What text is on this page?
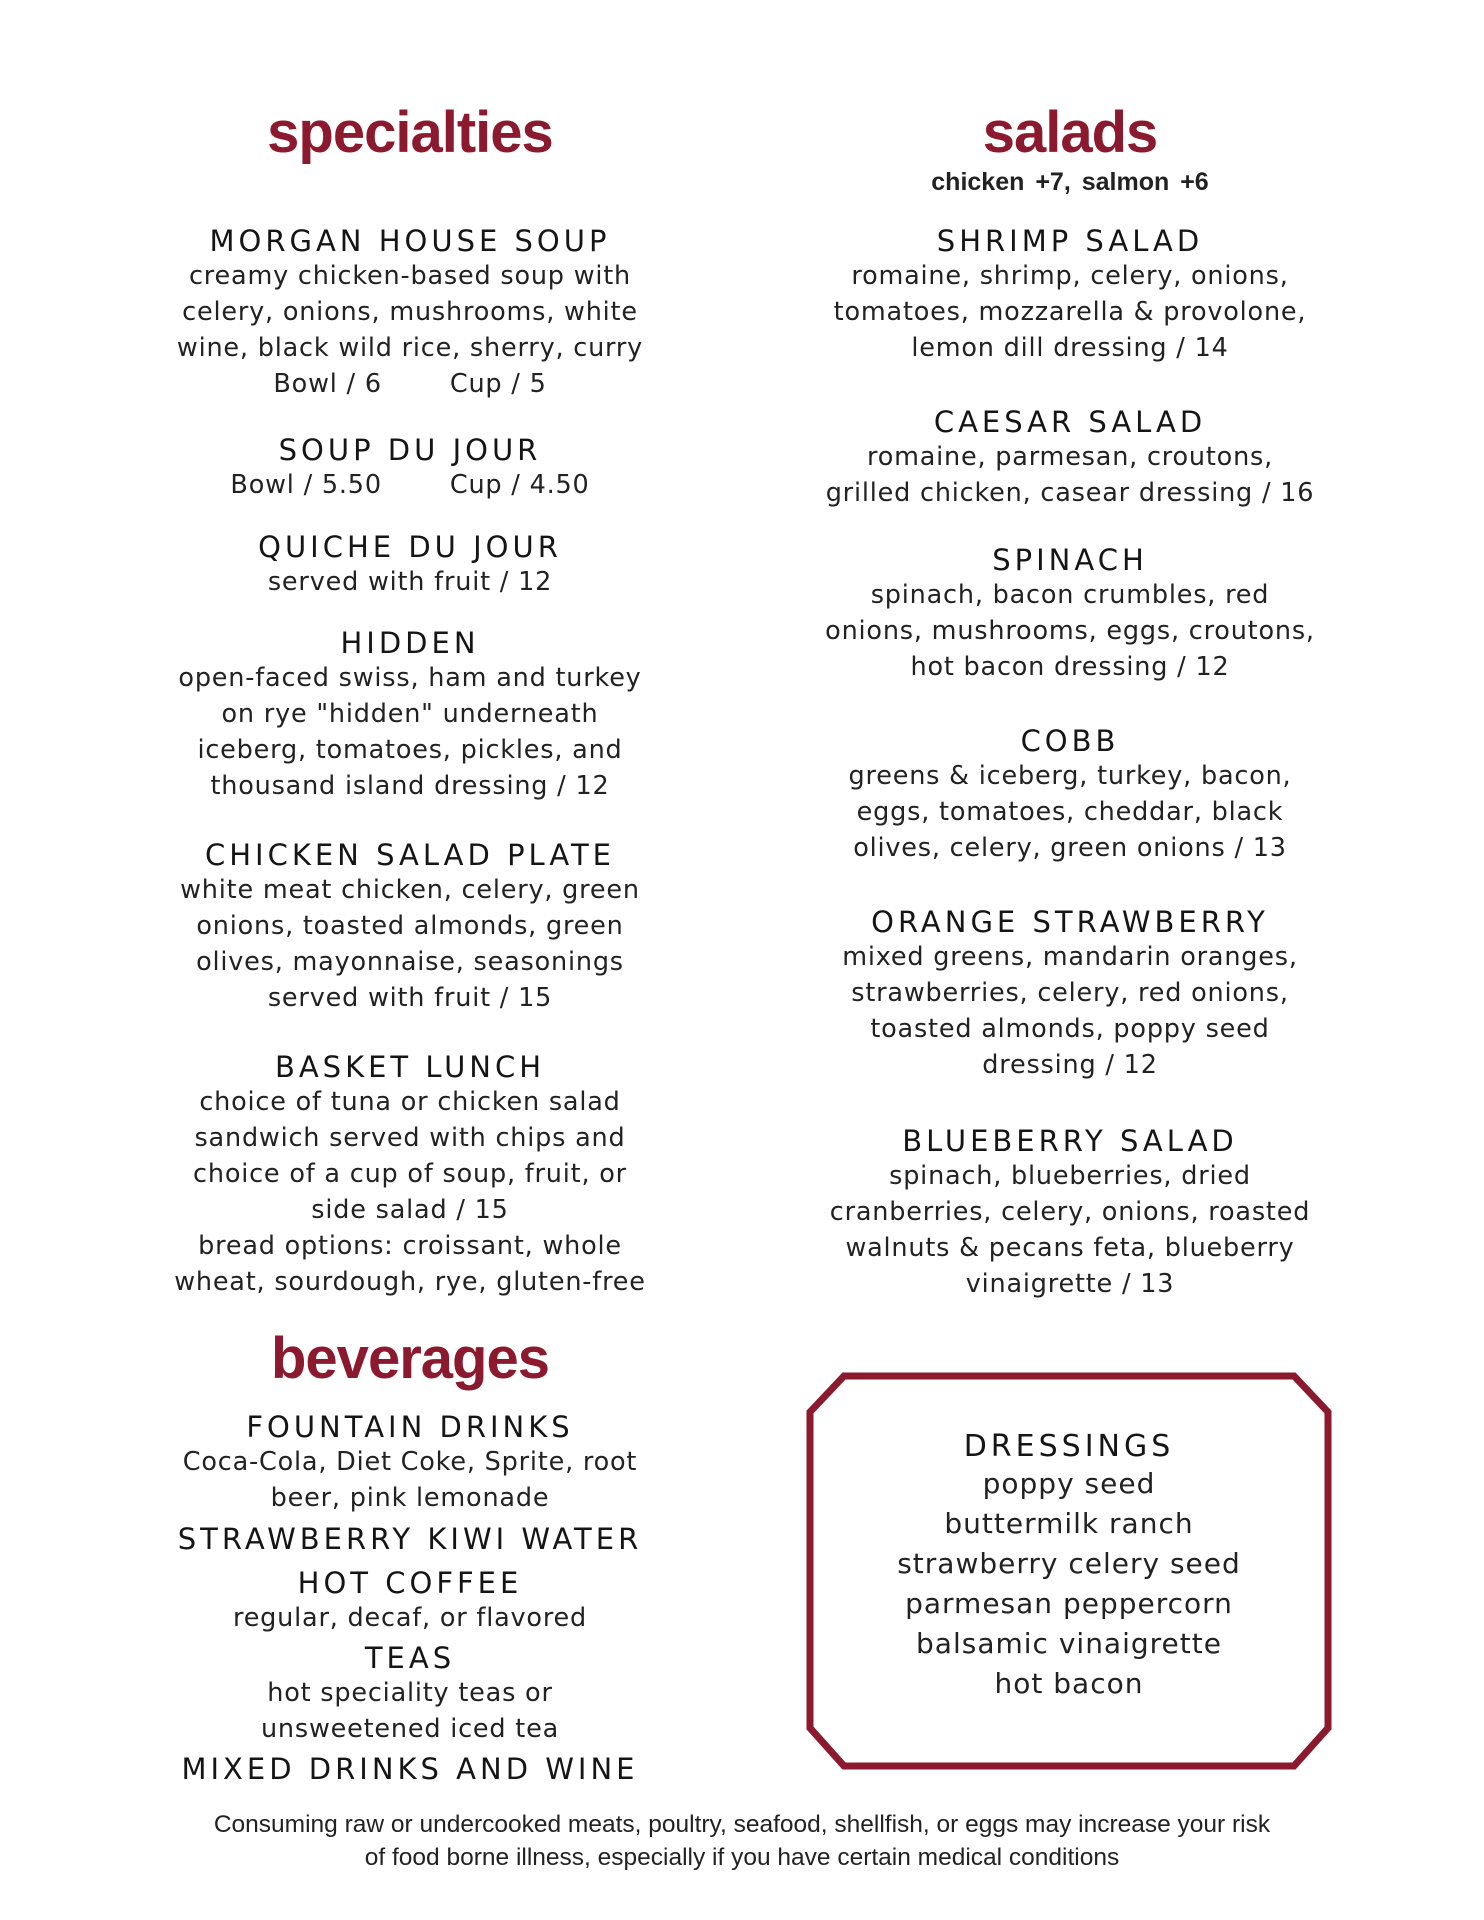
specialties
MORGAN HOUSE SOUP
creamy chicken-based soup with
celery, onions, mushrooms, white
wine, black wild rice, sherry, curry
Bowl / 6	Cup / 5
SOUP DU JOUR
Bowl / 5.50	Cup / 4.50
QUICHE DU JOUR
served with fruit / 12
HIDDEN
open-faced swiss, ham and turkey
on rye "hidden" underneath
iceberg, tomatoes, pickles, and
thousand island dressing / 12
CHICKEN SALAD PLATE
white meat chicken, celery, green
onions, toasted almonds, green
olives, mayonnaise, seasonings
served with fruit / 15
BASKET LUNCH
choice of tuna or chicken salad
sandwich served with chips and
choice of a cup of soup, fruit, or
side salad / 15
bread options: croissant, whole
wheat, sourdough, rye, gluten-free
beverages
FOUNTAIN DRINKS
Coca-Cola, Diet Coke, Sprite, root
beer, pink lemonade
STRAWBERRY KIWI WATER
HOT COFFEE
regular, decaf, or flavored
TEAS
hot speciality teas or
unsweetened iced tea
MIXED DRINKS AND WINE
salads
chicken +7, salmon +6
SHRIMP SALAD
romaine, shrimp, celery, onions,
tomatoes, mozzarella & provolone,
lemon dill dressing / 14
CAESAR SALAD
romaine, parmesan, croutons,
grilled chicken, casear dressing / 16
SPINACH
spinach, bacon crumbles, red
onions, mushrooms, eggs, croutons,
hot bacon dressing / 12
COBB
greens & iceberg, turkey, bacon,
eggs, tomatoes, cheddar, black
olives, celery, green onions / 13
ORANGE STRAWBERRY
mixed greens, mandarin oranges,
strawberries, celery, red onions,
toasted almonds, poppy seed
dressing / 12
BLUEBERRY SALAD
spinach, blueberries, dried
cranberries, celery, onions, roasted
walnuts & pecans feta, blueberry
vinaigrette / 13
DRESSINGS
poppy seed
buttermilk ranch
strawberry celery seed
parmesan peppercorn
balsamic vinaigrette
hot bacon
Consuming raw or undercooked meats, poultry, seafood, shellfish, or eggs may increase your risk
of food borne illness, especially if you have certain medical conditions
